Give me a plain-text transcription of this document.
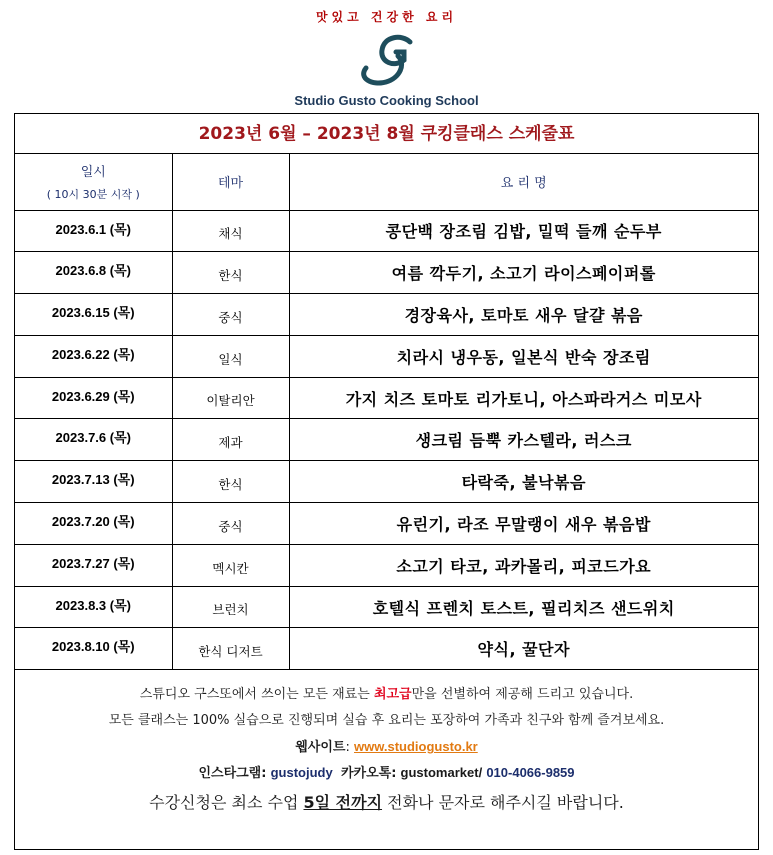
맛있고 건강한 요리
Studio Gusto Cooking School
2023년 6월 – 2023년 8월 쿠킹클래스 스케줄표
일시
( 10시 30분 시작 )	테마	요 리 명
2023.6.1 (목)	채식	콩단백 장조림 김밥, 밀떡 들깨 순두부
2023.6.8 (목)	한식	여름 깍두기, 소고기 라이스페이퍼롤
2023.6.15 (목)	중식	경장육사, 토마토 새우 달걀 볶음
2023.6.22 (목)	일식	치라시 냉우동, 일본식 반숙 장조림
2023.6.29 (목)	이탈리안	가지 치즈 토마토 리가토니, 아스파라거스 미모사
2023.7.6 (목)	제과	생크림 듬뿍 카스텔라, 러스크
2023.7.13 (목)	한식	타락죽, 불낙볶음
2023.7.20 (목)	중식	유린기, 라조 무말랭이 새우 볶음밥
2023.7.27 (목)	멕시칸	소고기 타코, 과카몰리, 피코드가요
2023.8.3 (목)	브런치	호텔식 프렌치 토스트, 필리치즈 샌드위치
2023.8.10 (목)	한식 디저트	약식, 꿀단자
스튜디오 구스또에서 쓰이는 모든 재료는 최고급만을 선별하여 제공해 드리고 있습니다.
모든 클래스는 100% 실습으로 진행되며 실습 후 요리는 포장하여 가족과 친구와 함께 즐겨보세요.
웹사이트: www.studiogusto.kr
인스타그램: gustojudy 카카오톡: gustomarket/ 010-4066-9859
수강신청은 최소 수업 5일 전까지 전화나 문자로 해주시길 바랍니다.
